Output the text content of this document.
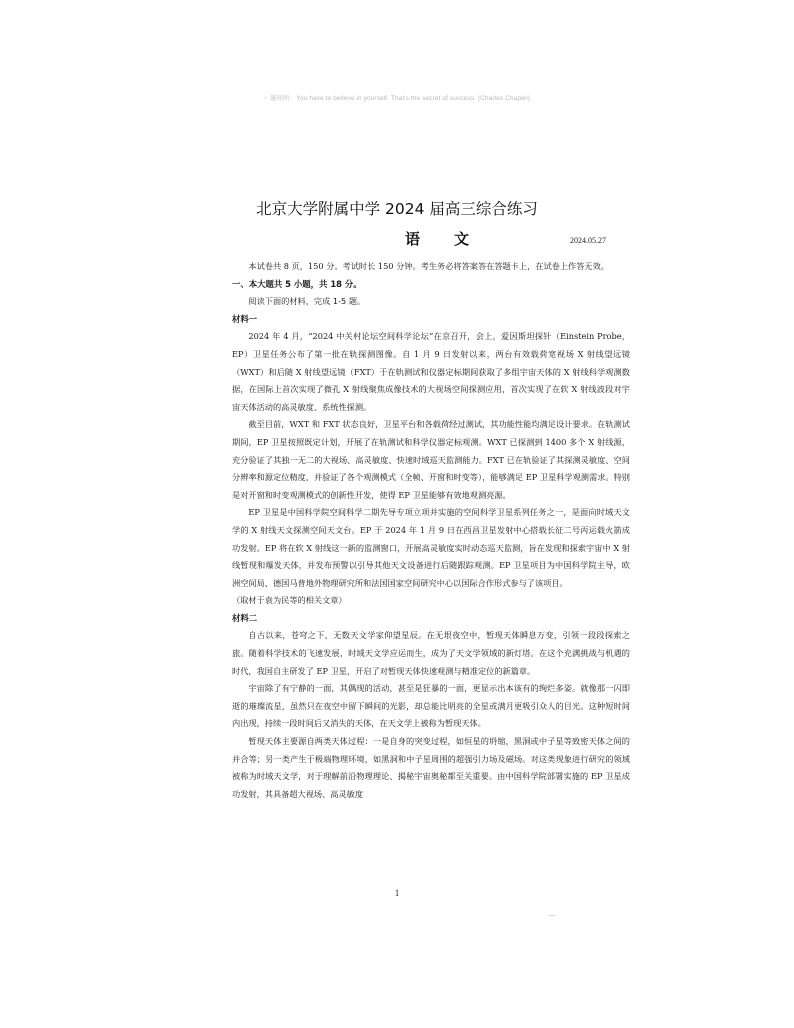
○ 谨知所：You have to believe in yourself. That's the secret of success. (Charles Chaplin)
北京大学附属中学 2024 届高三综合练习
语文	2024.05.27

本试卷共 8 页，150 分。考试时长 150 分钟。考生务必将答案答在答题卡上，在试卷上作答无效。

一、本大题共 5 小题，共 18 分。

阅读下面的材料，完成 1-5 题。

材料一

2024 年 4 月，“2024 中关村论坛空间科学论坛”在京召开，会上，爱因斯坦探针（Einstein Probe，EP）卫星任务公布了第一批在轨探测图像。自 1 月 9 日发射以来，两台有效载荷宽视场 X 射线望远镜（WXT）和后随 X 射线望远镜（FXT）于在轨测试和仪器定标期间获取了多组宇宙天体的 X 射线科学观测数据，在国际上首次实现了微孔 X 射线聚焦成像技术的大视场空间探测应用，首次实现了在软 X 射线波段对宇宙天体活动的高灵敏度、系统性探测。

截至目前，WXT 和 FXT 状态良好，卫星平台和各载荷经过测试，其功能性能均满足设计要求。在轨测试期间，EP 卫星按照既定计划，开展了在轨测试和科学仪器定标观测。WXT 已探测到 1400 多个 X 射线源，充分验证了其独一无二的大视场、高灵敏度、快速时域巡天监测能力。FXT 已在轨验证了其探测灵敏度、空间分辨率和源定位精度，并验证了各个观测模式（全帧、开窗和时变等），能够满足 EP 卫星科学观测需求。特别是对开窗和时变观测模式的创新性开发，使得 EP 卫星能够有效地观测亮源。

EP 卫星是中国科学院空间科学二期先导专项立项并实施的空间科学卫星系列任务之一，是面向时域天文学的 X 射线天文探测空间天文台。EP 于 2024 年 1 月 9 日在西昌卫星发射中心搭载长征二号丙运载火箭成功发射。EP 将在软 X 射线这一新的监测窗口，开展高灵敏度实时动态巡天监测，旨在发现和探索宇宙中 X 射线暂现和爆发天体，并发布预警以引导其他天文设备进行后随跟踪观测。EP 卫星项目为中国科学院主导，欧洲空间局、德国马普地外物理研究所和法国国家空间研究中心以国际合作形式参与了该项目。

（取材于袁为民等的相关文章）

材料二

自古以来，苍穹之下，无数天文学家仰望星辰。在无垠夜空中，暂现天体瞬息万变，引领一段段探索之旅。随着科学技术的飞速发展，时域天文学应运而生，成为了天文学领域的新灯塔。在这个充满挑战与机遇的时代，我国自主研发了 EP 卫星，开启了对暂现天体快速观测与精准定位的新篇章。

宇宙除了有宁静的一面，其偶现的活动，甚至是狂暴的一面，更显示出本该有的绚烂多姿。就像那一闪即逝的璀璨流星，虽然只在夜空中留下瞬间的光影，却总能比明亮的全星或满月更吸引众人的目光。这种短时间内出现，持续一段时间后又消失的天体，在天文学上被称为暂现天体。

暂现天体主要源自两类天体过程：一是自身的突变过程，如恒星的坍缩，黑洞或中子星等致密天体之间的并合等；另一类产生于极端物理环境，如黑洞和中子星周围的超强引力场及磁场。对这类现象进行研究的领域被称为时域天文学，对于理解前沿物理理论、揭秘宇宙奥秘都至关重要。由中国科学院部署实施的 EP 卫星成功发射，其具备超大视场、高灵敏度

1
